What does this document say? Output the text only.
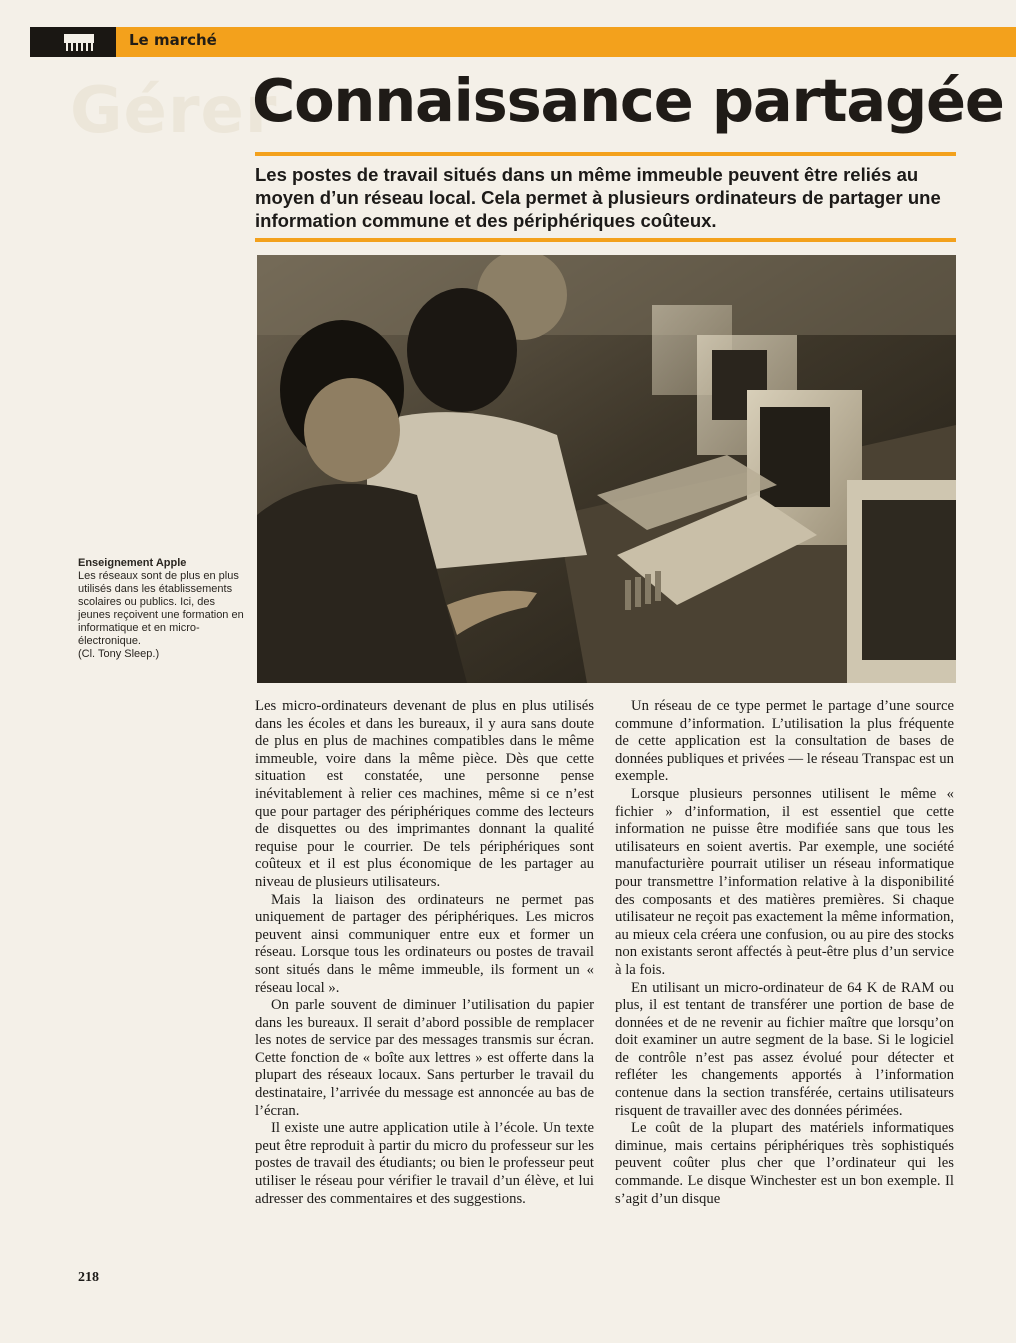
Le marché
Gérer
Connaissance partagée
Les postes de travail situés dans un même immeuble peuvent être reliés au moyen d’un réseau local. Cela permet à plusieurs ordinateurs de partager une information commune et des périphériques coûteux.
Enseignement Apple
Les réseaux sont de plus en plus utilisés dans les établissements scolaires ou publics. Ici, des jeunes reçoivent une formation en informatique et en micro-électronique.
(Cl. Tony Sleep.)

Les micro-ordinateurs devenant de plus en plus utilisés dans les écoles et dans les bureaux, il y aura sans doute de plus en plus de machines compatibles dans le même immeuble, voire dans la même pièce. Dès que cette situation est constatée, une personne pense inévitablement à relier ces machines, même si ce n’est que pour partager des périphériques comme des lecteurs de disquettes ou des imprimantes donnant la qualité requise pour le courrier. De tels périphériques sont coûteux et il est plus économique de les partager au niveau de plusieurs utilisateurs.

Mais la liaison des ordinateurs ne permet pas uniquement de partager des périphériques. Les micros peuvent ainsi communiquer entre eux et former un réseau. Lorsque tous les ordinateurs ou postes de travail sont situés dans le même immeuble, ils forment un « réseau local ».

On parle souvent de diminuer l’utilisation du papier dans les bureaux. Il serait d’abord possible de remplacer les notes de service par des messages transmis sur écran. Cette fonction de « boîte aux lettres » est offerte dans la plupart des réseaux locaux. Sans perturber le travail du destinataire, l’arrivée du message est annoncée au bas de l’écran.

Il existe une autre application utile à l’école. Un texte peut être reproduit à partir du micro du professeur sur les postes de travail des étudiants; ou bien le professeur peut utiliser le réseau pour vérifier le travail d’un élève, et lui adresser des commentaires et des suggestions.

Un réseau de ce type permet le partage d’une source commune d’information. L’utilisation la plus fréquente de cette application est la consultation de bases de données publiques et privées — le réseau Transpac est un exemple.

Lorsque plusieurs personnes utilisent le même « fichier » d’information, il est essentiel que cette information ne puisse être modifiée sans que tous les utilisateurs en soient avertis. Par exemple, une société manufacturière pourrait utiliser un réseau informatique pour transmettre l’information relative à la disponibilité des composants et des matières premières. Si chaque utilisateur ne reçoit pas exactement la même information, au mieux cela créera une confusion, ou au pire des stocks non existants seront affectés à peut-être plus d’un service à la fois.

En utilisant un micro-ordinateur de 64 K de RAM ou plus, il est tentant de transférer une portion de base de données et de ne revenir au fichier maître que lorsqu’on doit examiner un autre segment de la base. Si le logiciel de contrôle n’est pas assez évolué pour détecter et refléter les changements apportés à l’information contenue dans la section transférée, certains utilisateurs risquent de travailler avec des données périmées.

Le coût de la plupart des matériels informatiques diminue, mais certains périphériques très sophistiqués peuvent coûter plus cher que l’ordinateur qui les commande. Le disque Winchester est un bon exemple. Il s’agit d’un disque

218
